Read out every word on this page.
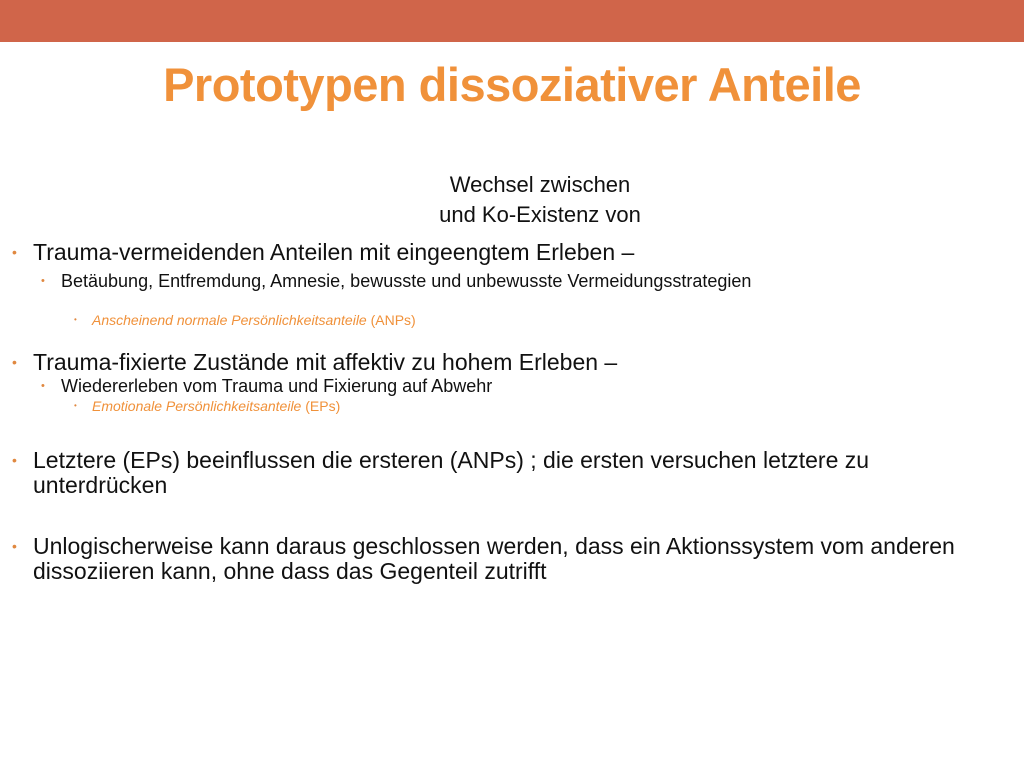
Prototypen dissoziativer Anteile
Wechsel zwischen
und Ko-Existenz von
• Trauma-vermeidenden Anteilen mit eingeengtem Erleben –
• Betäubung, Entfremdung, Amnesie, bewusste und unbewusste Vermeidungsstrategien
•	Anscheinend normale Persönlichkeitsanteile (ANPs)
• Trauma-fixierte Zustände mit affektiv zu hohem Erleben –
• Wiedererleben vom Trauma und Fixierung auf Abwehr
•	Emotionale Persönlichkeitsanteile (EPs)
• Letztere (EPs) beeinflussen die ersteren (ANPs) ; die ersten versuchen letztere zu unterdrücken
• Unlogischerweise kann daraus geschlossen werden, dass ein Aktionssystem vom anderen dissoziieren kann, ohne dass das Gegenteil zutrifft
